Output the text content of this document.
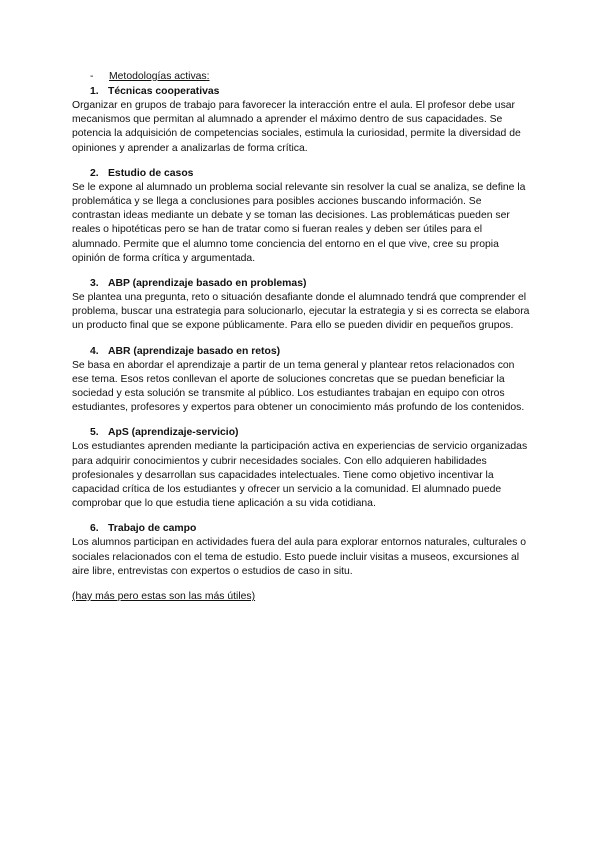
- Metodologías activas:
1. Técnicas cooperativas

Organizar en grupos de trabajo para favorecer la interacción entre el aula. El profesor debe usar mecanismos que permitan al alumnado a aprender el máximo dentro de sus capacidades. Se potencia la adquisición de competencias sociales, estimula la curiosidad, permite la diversidad de opiniones y aprender a analizarlas de forma crítica.

2. Estudio de casos

Se le expone al alumnado un problema social relevante sin resolver la cual se analiza, se define la problemática y se llega a conclusiones para posibles acciones buscando información. Se contrastan ideas mediante un debate y se toman las decisiones. Las problemáticas pueden ser reales o hipotéticas pero se han de tratar como si fueran reales y deben ser útiles para el alumnado. Permite que el alumno tome conciencia del entorno en el que vive, cree su propia opinión de forma crítica y argumentada.

3. ABP (aprendizaje basado en problemas)

Se plantea una pregunta, reto o situación desafiante donde el alumnado tendrá que comprender el problema, buscar una estrategia para solucionarlo, ejecutar la estrategia y si es correcta se elabora un producto final que se expone públicamente. Para ello se pueden dividir en pequeños grupos.

4. ABR (aprendizaje basado en retos)

Se basa en abordar el aprendizaje a partir de un tema general y plantear retos relacionados con ese tema. Esos retos conllevan el aporte de soluciones concretas que se puedan beneficiar la sociedad y esta solución se transmite al público. Los estudiantes trabajan en equipo con otros estudiantes, profesores y expertos para obtener un conocimiento más profundo de los contenidos.

5. ApS (aprendizaje-servicio)

Los estudiantes aprenden mediante la participación activa en experiencias de servicio organizadas para adquirir conocimientos y cubrir necesidades sociales. Con ello adquieren habilidades profesionales y desarrollan sus capacidades intelectuales. Tiene como objetivo incentivar la capacidad crítica de los estudiantes y ofrecer un servicio a la comunidad. El alumnado puede comprobar que lo que estudia tiene aplicación a su vida cotidiana.

6. Trabajo de campo

Los alumnos participan en actividades fuera del aula para explorar entornos naturales, culturales o sociales relacionados con el tema de estudio. Esto puede incluir visitas a museos, excursiones al aire libre, entrevistas con expertos o estudios de caso in situ.

(hay más pero estas son las más útiles)
